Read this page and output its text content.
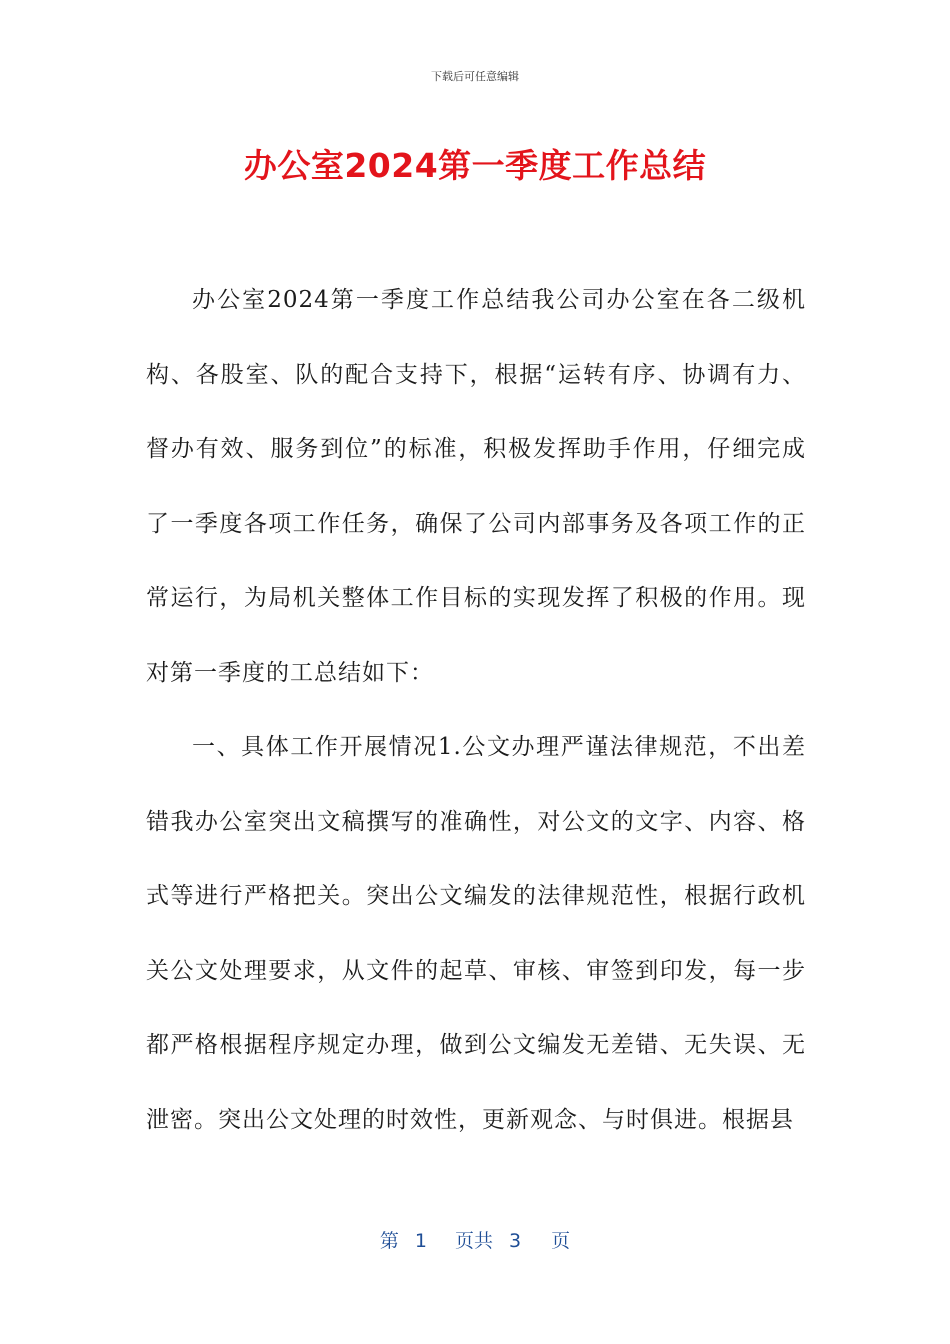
下载后可任意编辑
办公室2024第一季度工作总结

办公室2024第一季度工作总结我公司办公室在各二级机构、各股室、队的配合支持下，根据“运转有序、协调有力、督办有效、服务到位”的标准，积极发挥助手作用，仔细完成了一季度各项工作任务，确保了公司内部事务及各项工作的正常运行，为局机关整体工作目标的实现发挥了积极的作用。现对第一季度的工总结如下：

一、具体工作开展情况1.公文办理严谨法律规范，不出差错我办公室突出文稿撰写的准确性，对公文的文字、内容、格式等进行严格把关。突出公文编发的法律规范性，根据行政机关公文处理要求，从文件的起草、审核、审签到印发，每一步都严格根据程序规定办理，做到公文编发无差错、无失误、无泄密。突出公文处理的时效性，更新观念、与时俱进。根据县

第 1 页共 3 页
